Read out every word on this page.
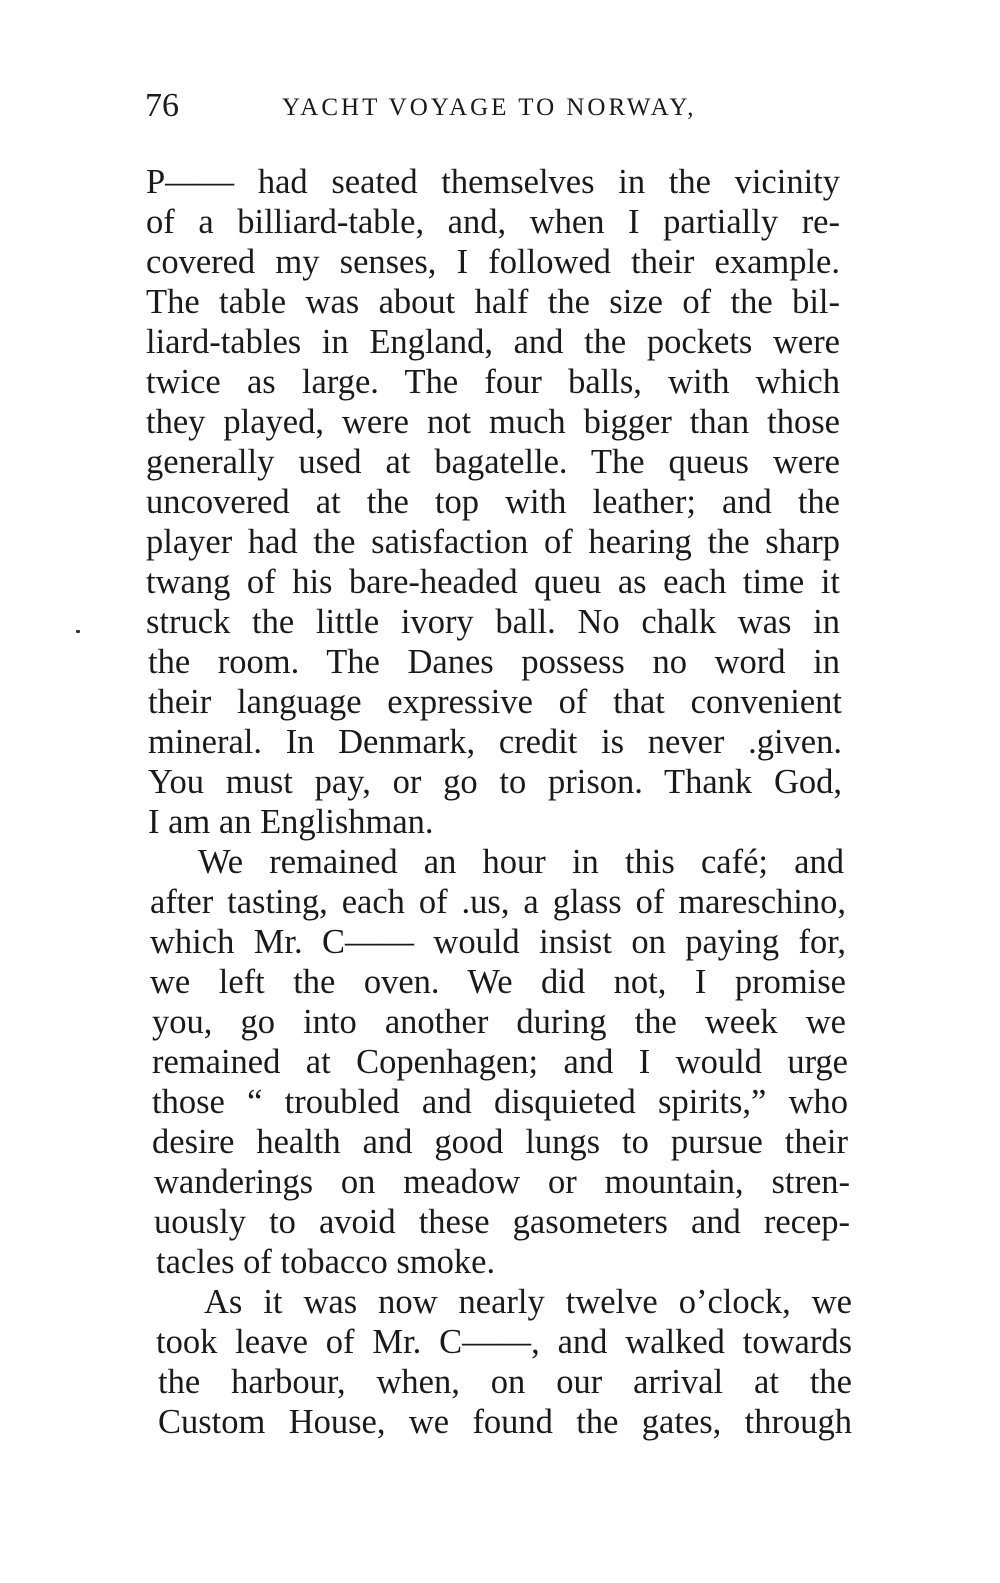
76	YACHT VOYAGE TO NORWAY,
P—— had seated themselves in the vicinity
of a billiard-table, and, when I partially re-
covered my senses, I followed their example.
The table was about half the size of the bil-
liard-tables in England, and the pockets were
twice as large. The four balls, with which
they played, were not much bigger than those
generally used at bagatelle. The queus were
uncovered at the top with leather; and the
player had the satisfaction of hearing the sharp
twang of his bare-headed queu as each time it
struck the little ivory ball. No chalk was in
the room. The Danes possess no word in
their language expressive of that convenient
mineral. In Denmark, credit is never .given.
You must pay, or go to prison. Thank God,
I am an Englishman.
We remained an hour in this café; and
after tasting, each of .us, a glass of mareschino,
which Mr. C—— would insist on paying for,
we left the oven. We did not, I promise
you, go into another during the week we
remained at Copenhagen; and I would urge
those “ troubled and disquieted spirits,” who
desire health and good lungs to pursue their
wanderings on meadow or mountain, stren-
uously to avoid these gasometers and recep-
tacles of tobacco smoke.
As it was now nearly twelve o’clock, we
took leave of Mr. C——, and walked towards
the harbour, when, on our arrival at the
Custom House, we found the gates, through
